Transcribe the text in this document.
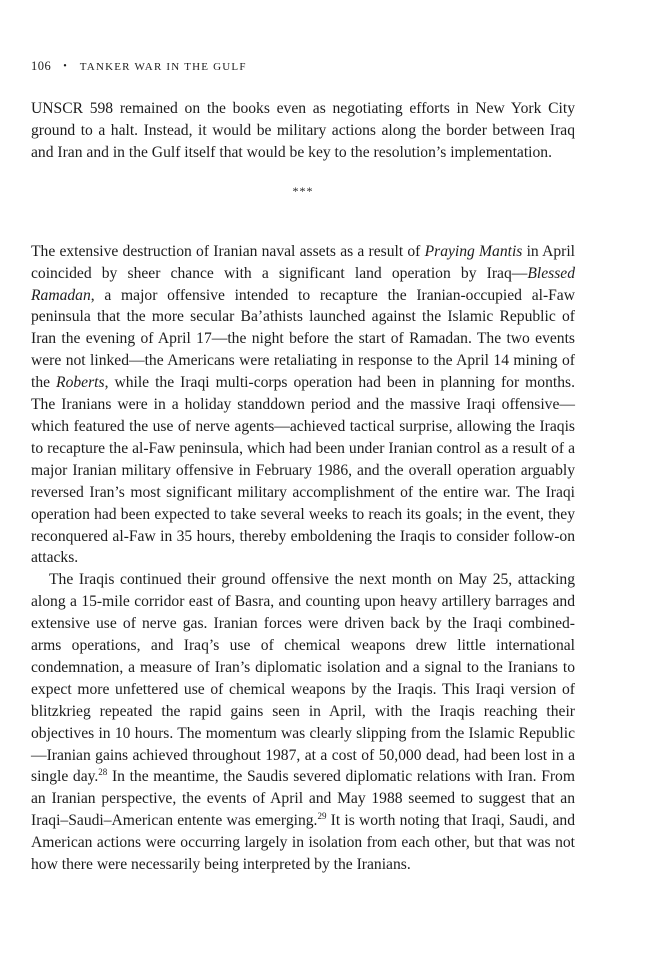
106 • TANKER WAR IN THE GULF

UNSCR 598 remained on the books even as negotiating efforts in New York City ground to a halt. Instead, it would be military actions along the border between Iraq and Iran and in the Gulf itself that would be key to the resolution’s implementation.

***

The extensive destruction of Iranian naval assets as a result of Praying Mantis in April coincided by sheer chance with a significant land operation by Iraq—Blessed Ramadan, a major offensive intended to recapture the Iranian-occupied al-Faw peninsula that the more secular Ba’athists launched against the Islamic Republic of Iran the evening of April 17—the night before the start of Ramadan. The two events were not linked—the Americans were retaliating in response to the April 14 mining of the Roberts, while the Iraqi multi-corps operation had been in planning for months. The Iranians were in a holiday standdown period and the massive Iraqi offensive—which featured the use of nerve agents—achieved tactical surprise, allowing the Iraqis to recapture the al-Faw peninsula, which had been under Iranian control as a result of a major Iranian military offensive in February 1986, and the overall operation arguably reversed Iran’s most significant military accomplishment of the entire war. The Iraqi operation had been expected to take several weeks to reach its goals; in the event, they reconquered al-Faw in 35 hours, thereby emboldening the Iraqis to consider follow-on attacks.

The Iraqis continued their ground offensive the next month on May 25, attacking along a 15-mile corridor east of Basra, and counting upon heavy artillery barrages and extensive use of nerve gas. Iranian forces were driven back by the Iraqi combined-arms operations, and Iraq’s use of chemical weapons drew little international condemnation, a measure of Iran’s diplomatic isolation and a signal to the Iranians to expect more unfettered use of chemical weapons by the Iraqis. This Iraqi version of blitzkrieg repeated the rapid gains seen in April, with the Iraqis reaching their objectives in 10 hours. The momentum was clearly slipping from the Islamic Republic—Iranian gains achieved throughout 1987, at a cost of 50,000 dead, had been lost in a single day.$^{28}$ In the meantime, the Saudis severed diplomatic relations with Iran. From an Iranian perspective, the events of April and May 1988 seemed to suggest that an Iraqi–Saudi–American entente was emerging.$^{29}$ It is worth noting that Iraqi, Saudi, and American actions were occurring largely in isolation from each other, but that was not how there were necessarily being interpreted by the Iranians.
